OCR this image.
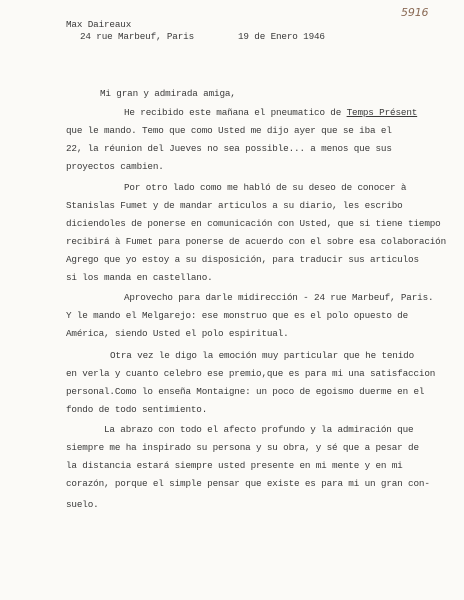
5916
Max Daireaux
24 rue Marbeuf, Paris	19 de Enero 1946
Mi gran y admirada amiga,
He recibido este mañana el pneumatico de Temps Présent
que le mando. Temo que como Usted me dijo ayer que se iba el
22, la réunion del Jueves no sea possible... a menos que sus
proyectos cambien.
Por otro lado como me habló de su deseo de conocer à
Stanislas Fumet y de mandar articulos a su diario, les escribo
diciendoles de ponerse en comunicación con Usted, que si tiene tiempo
recibirá à Fumet para ponerse de acuerdo con el sobre esa colaboración
Agrego que yo estoy a su disposición, para traducir sus articulos
si los manda en castellano.
Aprovecho para darle midirección - 24 rue Marbeuf, Paris.
Y le mando el Melgarejo: ese monstruo que es el polo opuesto de
América, siendo Usted el polo espiritual.
Otra vez le digo la emoción muy particular que he tenido
en verla y cuanto celebro ese premio,que es para mi una satisfaccion
personal.Como lo enseña Montaigne: un poco de egoismo duerme en el
fondo de todo sentimiento.
La abrazo con todo el afecto profundo y la admiración que
siempre me ha inspirado su persona y su obra, y sé que a pesar de
la distancia estará siempre usted presente en mi mente y en mi
corazón, porque el simple pensar que existe es para mi un gran con-
suelo.
